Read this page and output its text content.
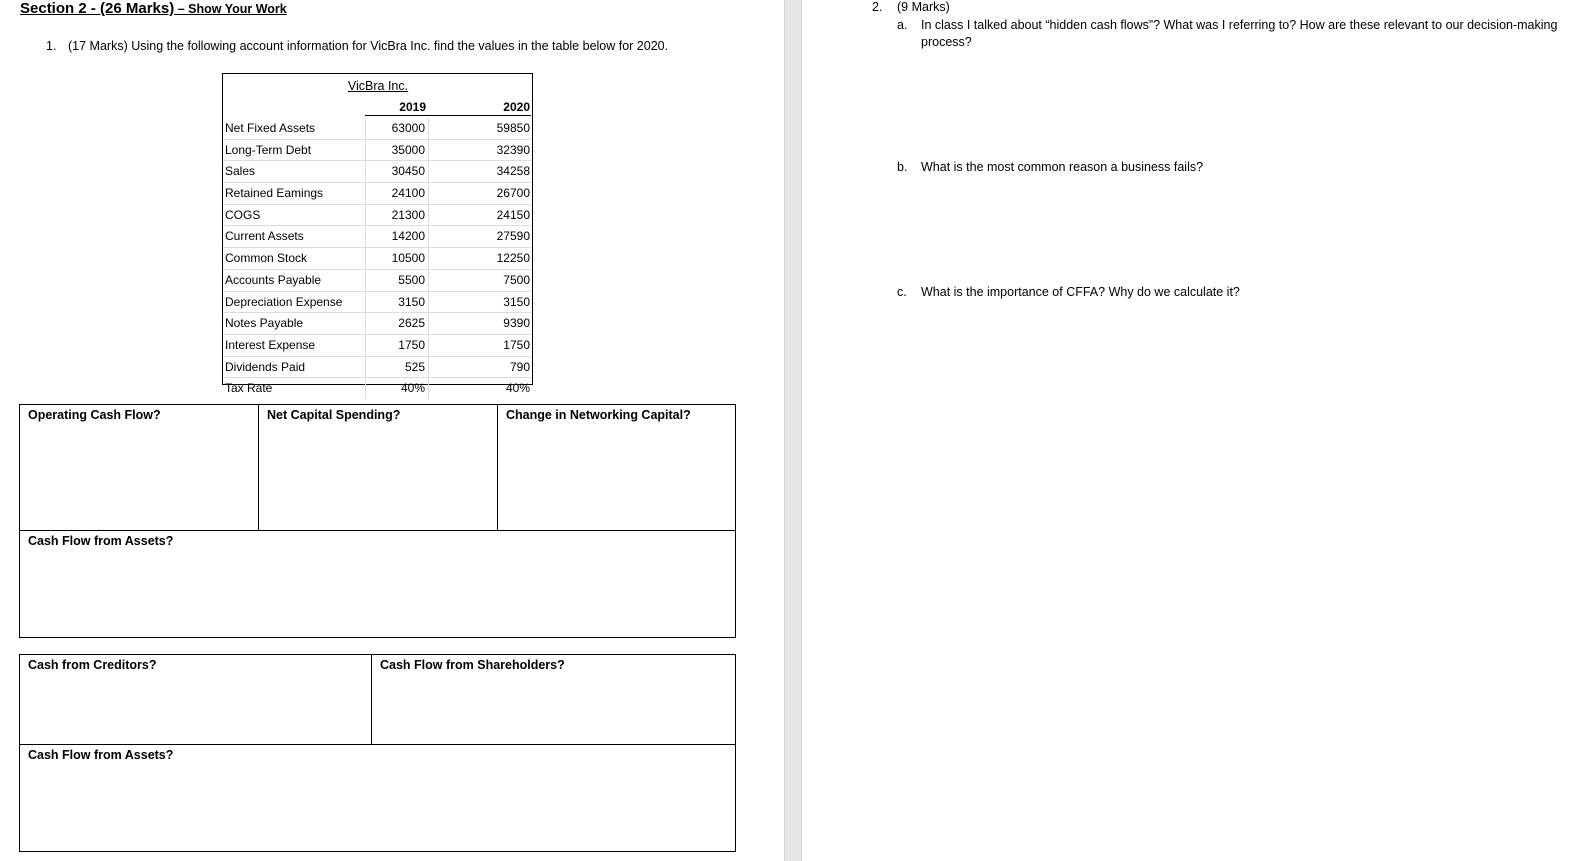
Section 2 - (26 Marks) – Show Your Work
1. (17 Marks) Using the following account information for VicBra Inc. find the values in the table below for 2020.
VicBra Inc.
2019	2020
Net Fixed Assets	63000	59850
Long-Term Debt	35000	32390
Sales	30450	34258
Retained Eamings	24100	26700
COGS	21300	24150
Current Assets	14200	27590
Common Stock	10500	12250
Accounts Payable	5500	7500
Depreciation Expense	3150	3150
Notes Payable	2625	9390
Interest Expense	1750	1750
Dividends Paid	525	790
Tax Rate	40%	40%
Operating Cash Flow?	Net Capital Spending?	Change in Networking Capital?
Cash Flow from Assets?
Cash from Creditors?	Cash Flow from Shareholders?
Cash Flow from Assets?
2. (9 Marks)
a. In class I talked about “hidden cash flows”? What was I referring to? How are these relevant to our decision-making process?
b. What is the most common reason a business fails?
c. What is the importance of CFFA? Why do we calculate it?
